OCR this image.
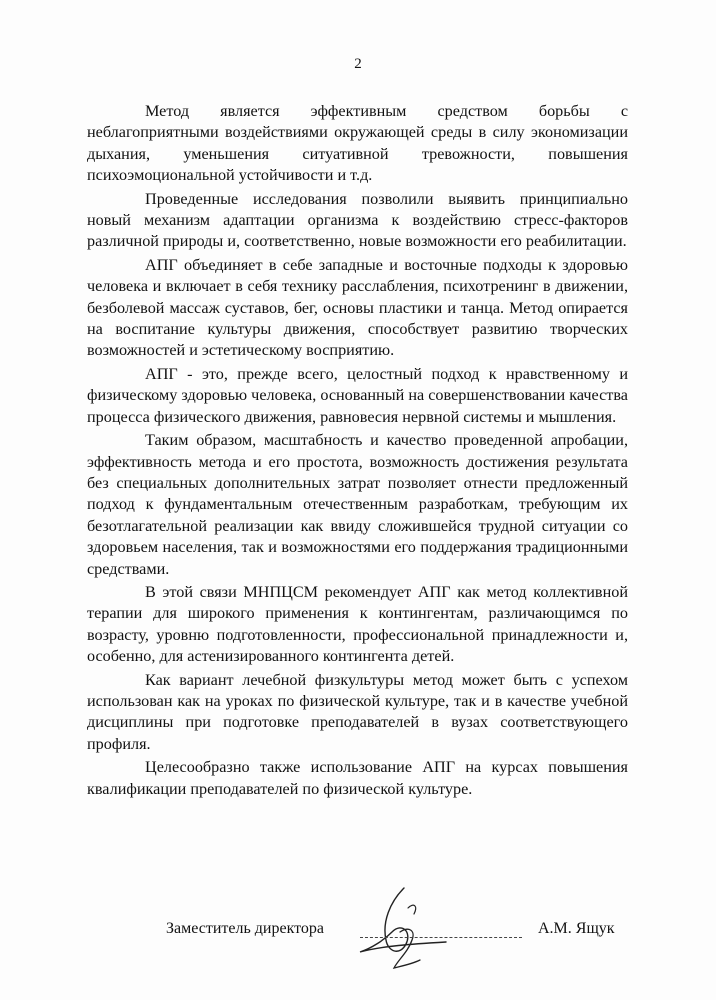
2

Метод является эффективным средством борьбы с неблагоприятными воздействиями окружающей среды в силу экономизации дыхания, уменьшения ситуативной тревожности, повышения психоэмоциональной устойчивости и т.д.

Проведенные исследования позволили выявить принципиально новый механизм адаптации организма к воздействию стресс-факторов различной природы и, соответственно, новые возможности его реабилитации.

АПГ объединяет в себе западные и восточные подходы к здоровью человека и включает в себя технику расслабления, психотренинг в движении, безболевой массаж суставов, бег, основы пластики и танца. Метод опирается на воспитание культуры движения, способствует развитию творческих возможностей и эстетическому восприятию.

АПГ - это, прежде всего, целостный подход к нравственному и физическому здоровью человека, основанный на совершенствовании качества процесса физического движения, равновесия нервной системы и мышления.

Таким образом, масштабность и качество проведенной апробации, эффективность метода и его простота, возможность достижения результата без специальных дополнительных затрат позволяет отнести предложенный подход к фундаментальным отечественным разработкам, требующим их безотлагательной реализации как ввиду сложившейся трудной ситуации со здоровьем населения, так и возможностями его поддержания традиционными средствами.

В этой связи МНПЦСМ рекомендует АПГ как метод коллективной терапии для широкого применения к контингентам, различающимся по возрасту, уровню подготовленности, профессиональной принадлежности и, особенно, для астенизированного контингента детей.

Как вариант лечебной физкультуры метод может быть с успехом использован как на уроках по физической культуре, так и в качестве учебной дисциплины при подготовке преподавателей в вузах соответствующего профиля.

Целесообразно также использование АПГ на курсах повышения квалификации преподавателей по физической культуре.

Заместитель директора	А.М. Ящук
